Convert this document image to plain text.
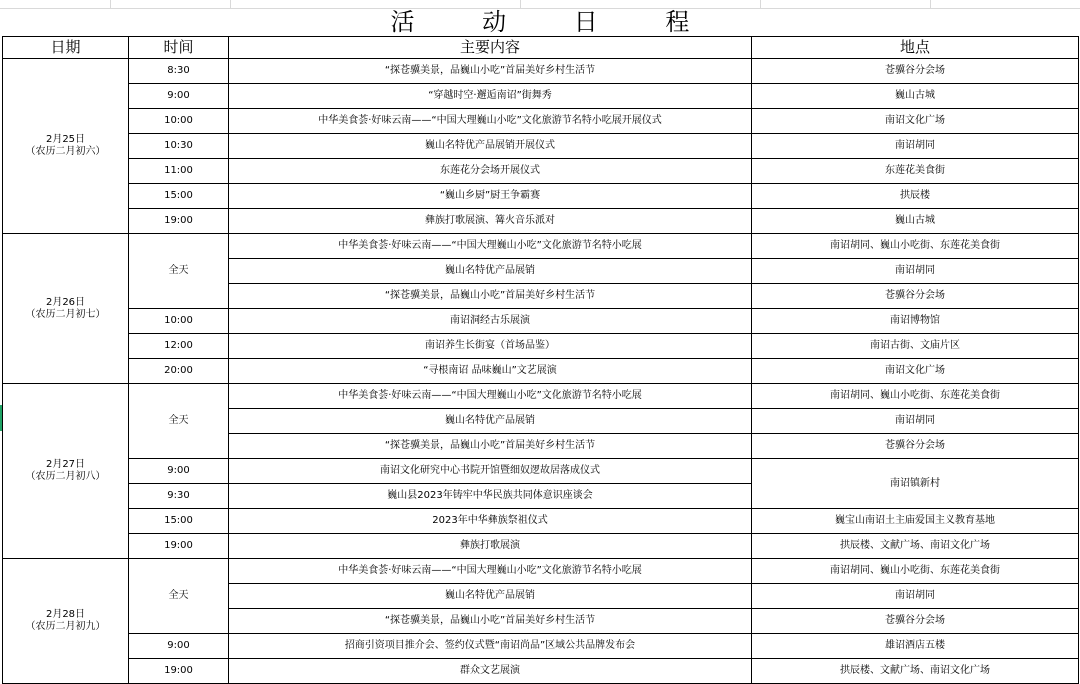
活 动 日 程
日期	时间	主要内容	地点

2月25日
（农历二月初六）	8:30	“探苍骥美景，品巍山小吃”首届美好乡村生活节	苍骥谷分会场
	9:00	“穿越时空·邂逅南诏”街舞秀	巍山古城
	10:00	中华美食荟·好味云南——“中国大理巍山小吃”文化旅游节名特小吃展开展仪式	南诏文化广场
	10:30	巍山名特优产品展销开展仪式	南诏胡同
	11:00	东莲花分会场开展仪式	东莲花美食街
	15:00	“巍山乡厨”厨王争霸赛	拱辰楼
	19:00	彝族打歌展演、篝火音乐派对	巍山古城

2月26日
（农历二月初七）	全天	中华美食荟·好味云南——“中国大理巍山小吃”文化旅游节名特小吃展	南诏胡同、巍山小吃街、东莲花美食街
		巍山名特优产品展销	南诏胡同
		“探苍骥美景，品巍山小吃”首届美好乡村生活节	苍骥谷分会场
	10:00	南诏洞经古乐展演	南诏博物馆
	12:00	南诏养生长街宴（首场品鉴）	南诏古街、文庙片区
	20:00	“寻根南诏 品味巍山”文艺展演	南诏文化广场

2月27日
（农历二月初八）	全天	中华美食荟·好味云南——“中国大理巍山小吃”文化旅游节名特小吃展	南诏胡同、巍山小吃街、东莲花美食街
		巍山名特优产品展销	南诏胡同
		“探苍骥美景，品巍山小吃”首届美好乡村生活节	苍骥谷分会场
	9:00	南诏文化研究中心书院开馆暨细奴逻故居落成仪式	南诏镇新村
	9:30	巍山县2023年铸牢中华民族共同体意识座谈会	
	15:00	2023年中华彝族祭祖仪式	巍宝山南诏土主庙爱国主义教育基地
	19:00	彝族打歌展演	拱辰楼、文献广场、南诏文化广场

2月28日
（农历二月初九）	全天	中华美食荟·好味云南——“中国大理巍山小吃”文化旅游节名特小吃展	南诏胡同、巍山小吃街、东莲花美食街
		巍山名特优产品展销	南诏胡同
		“探苍骥美景，品巍山小吃”首届美好乡村生活节	苍骥谷分会场
	9:00	招商引资项目推介会、签约仪式暨“南诏尚品”区域公共品牌发布会	雄诏酒店五楼
	19:00	群众文艺展演	拱辰楼、文献广场、南诏文化广场
